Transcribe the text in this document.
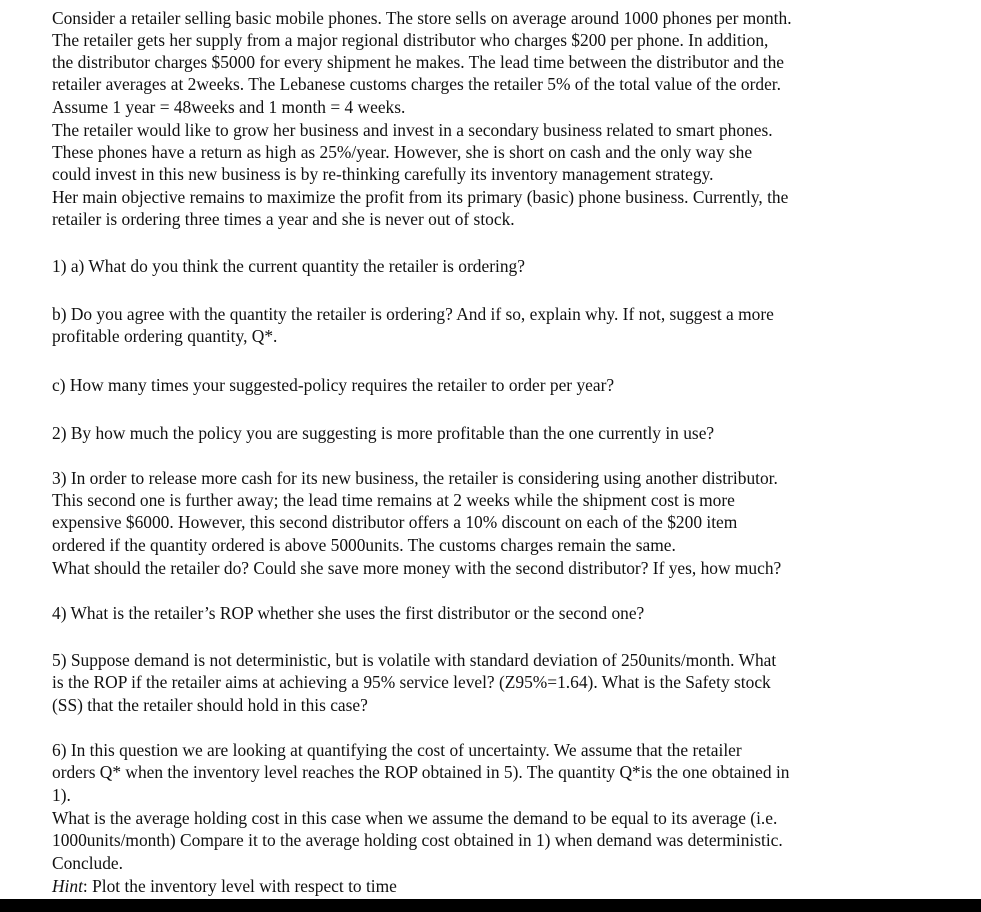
Consider a retailer selling basic mobile phones. The store sells on average around 1000 phones per month.
The retailer gets her supply from a major regional distributor who charges $200 per phone. In addition,
the distributor charges $5000 for every shipment he makes. The lead time between the distributor and the
retailer averages at 2weeks. The Lebanese customs charges the retailer 5% of the total value of the order.
Assume 1 year = 48weeks and 1 month = 4 weeks.
The retailer would like to grow her business and invest in a secondary business related to smart phones.
These phones have a return as high as 25%/year. However, she is short on cash and the only way she
could invest in this new business is by re-thinking carefully its inventory management strategy.
Her main objective remains to maximize the profit from its primary (basic) phone business. Currently, the
retailer is ordering three times a year and she is never out of stock.
1) a) What do you think the current quantity the retailer is ordering?
b) Do you agree with the quantity the retailer is ordering? And if so, explain why. If not, suggest a more
profitable ordering quantity, Q*.
c) How many times your suggested-policy requires the retailer to order per year?
2) By how much the policy you are suggesting is more profitable than the one currently in use?
3) In order to release more cash for its new business, the retailer is considering using another distributor.
This second one is further away; the lead time remains at 2 weeks while the shipment cost is more
expensive $6000. However, this second distributor offers a 10% discount on each of the $200 item
ordered if the quantity ordered is above 5000units. The customs charges remain the same.
What should the retailer do? Could she save more money with the second distributor? If yes, how much?
4) What is the retailer’s ROP whether she uses the first distributor or the second one?
5) Suppose demand is not deterministic, but is volatile with standard deviation of 250units/month. What
is the ROP if the retailer aims at achieving a 95% service level? (Z95%=1.64). What is the Safety stock
(SS) that the retailer should hold in this case?
6) In this question we are looking at quantifying the cost of uncertainty. We assume that the retailer
orders Q* when the inventory level reaches the ROP obtained in 5). The quantity Q*is the one obtained in
1).
What is the average holding cost in this case when we assume the demand to be equal to its average (i.e.
1000units/month) Compare it to the average holding cost obtained in 1) when demand was deterministic.
Conclude.
Hint: Plot the inventory level with respect to time
